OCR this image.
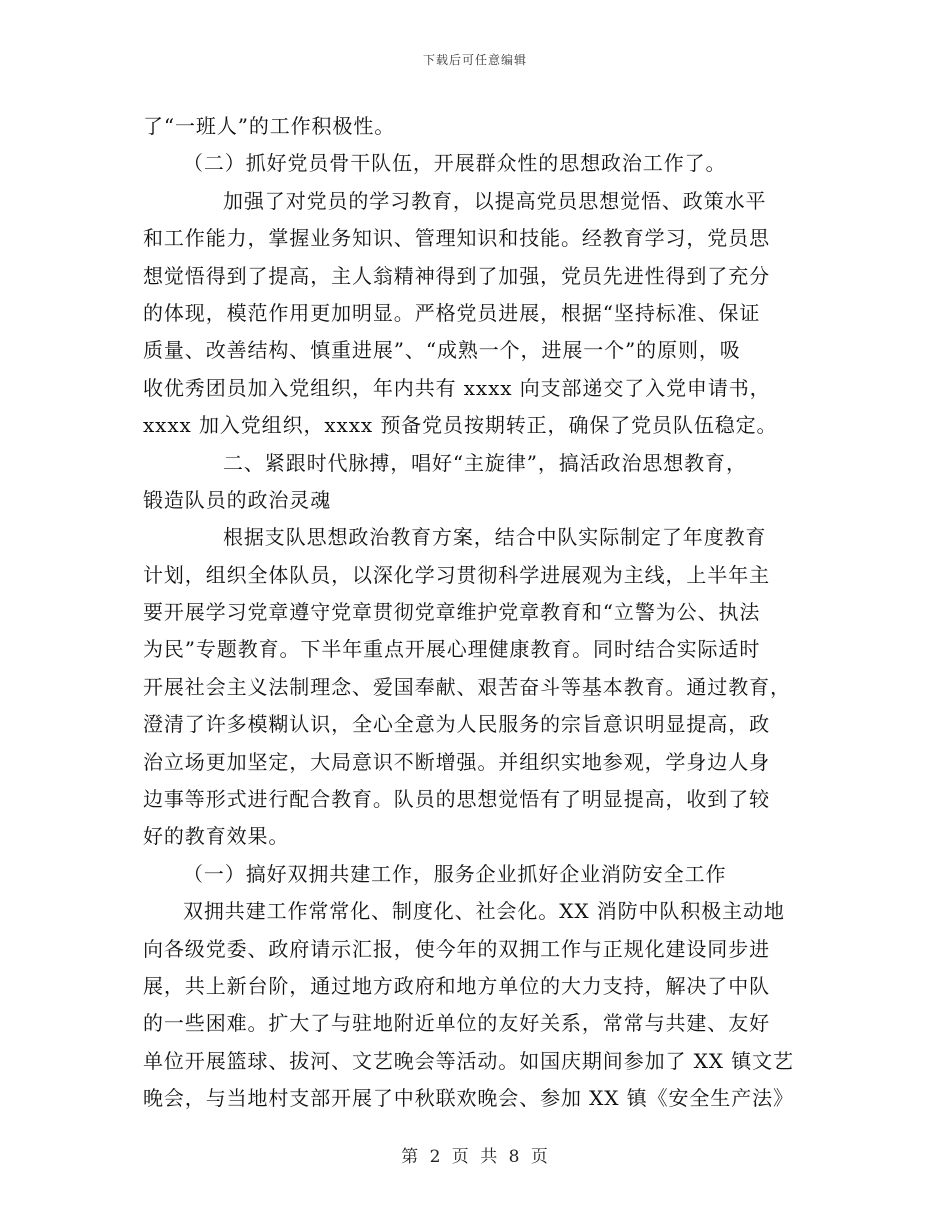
下载后可任意编辑
了“一班人”的工作积极性。
（二）抓好党员骨干队伍，开展群众性的思想政治工作了。
加强了对党员的学习教育，以提高党员思想觉悟、政策水平
和工作能力，掌握业务知识、管理知识和技能。经教育学习，党员思
想觉悟得到了提高，主人翁精神得到了加强，党员先进性得到了充分
的体现，模范作用更加明显。严格党员进展，根据“坚持标准、保证
质量、改善结构、慎重进展”、“成熟一个，进展一个”的原则，吸
收优秀团员加入党组织，年内共有 xxxx 向支部递交了入党申请书，
xxxx 加入党组织，xxxx 预备党员按期转正，确保了党员队伍稳定。
二、紧跟时代脉搏，唱好“主旋律”，搞活政治思想教育，
锻造队员的政治灵魂
根据支队思想政治教育方案，结合中队实际制定了年度教育
计划，组织全体队员，以深化学习贯彻科学进展观为主线，上半年主
要开展学习党章遵守党章贯彻党章维护党章教育和“立警为公、执法
为民”专题教育。下半年重点开展心理健康教育。同时结合实际适时
开展社会主义法制理念、爱国奉献、艰苦奋斗等基本教育。通过教育，
澄清了许多模糊认识，全心全意为人民服务的宗旨意识明显提高，政
治立场更加坚定，大局意识不断增强。并组织实地参观，学身边人身
边事等形式进行配合教育。队员的思想觉悟有了明显提高，收到了较
好的教育效果。
（一）搞好双拥共建工作，服务企业抓好企业消防安全工作
双拥共建工作常常化、制度化、社会化。XX 消防中队积极主动地
向各级党委、政府请示汇报，使今年的双拥工作与正规化建设同步进
展，共上新台阶，通过地方政府和地方单位的大力支持，解决了中队
的一些困难。扩大了与驻地附近单位的友好关系，常常与共建、友好
单位开展篮球、拔河、文艺晚会等活动。如国庆期间参加了 XX 镇文艺
晚会，与当地村支部开展了中秋联欢晚会、参加 XX 镇《安全生产法》
第 2 页 共 8 页
